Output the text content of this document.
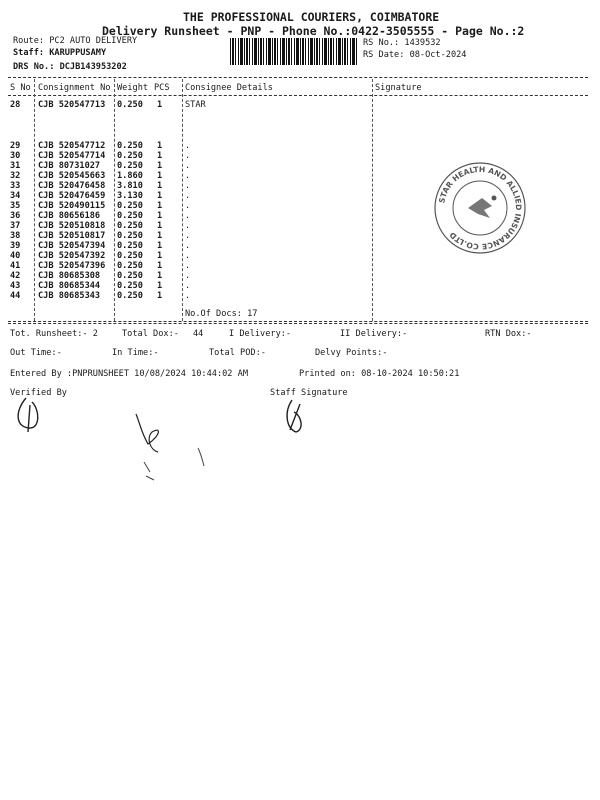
THE PROFESSIONAL COURIERS, COIMBATORE
Delivery Runsheet - PNP - Phone No.:0422-3505555 - Page No.:2
Route: PC2 AUTO DELIVERY
Staff: KARUPPUSAMY
DRS No.: DCJB143953202
RS No.: 1439532
RS Date: 08-Oct-2024
S No Consignment No Weight PCS Consignee Details	Signature
28 CJB 520547713 0.250 1	STAR
29 CJB 520547712 0.250 1	.
30 CJB 520547714 0.250 1	.
31 CJB 80731027 0.250 1	.
32 CJB 520545663 1.860 1	.
33 CJB 520476458 3.810 1	.
34 CJB 520476459 3.130 1	.
35 CJB 520490115 0.250 1	.
36 CJB 80656186 0.250 1	.
37 CJB 520510818 0.250 1	.
38 CJB 520510817 0.250 1	.
39 CJB 520547394 0.250 1	.
40 CJB 520547392 0.250 1	.
41 CJB 520547396 0.250 1	.
42 CJB 80685308 0.250 1	.
43 CJB 80685344 0.250 1	.
44 CJB 80685343 0.250 1	.
No.Of Docs: 17
STAR HEALTH AND ALLIED INSURANCE CO.LTD
Tot. Runsheet:- 2	Total Dox:- 44	I Delivery:-	II Delivery:-	RTN Dox:-
Out Time:-	In Time:-	Total POD:-	Delvy Points:-
Entered By :PNPRUNSHEET 10/08/2024 10:44:02 AM	Printed on: 08-10-2024 10:50:21
Verified By	Staff Signature
